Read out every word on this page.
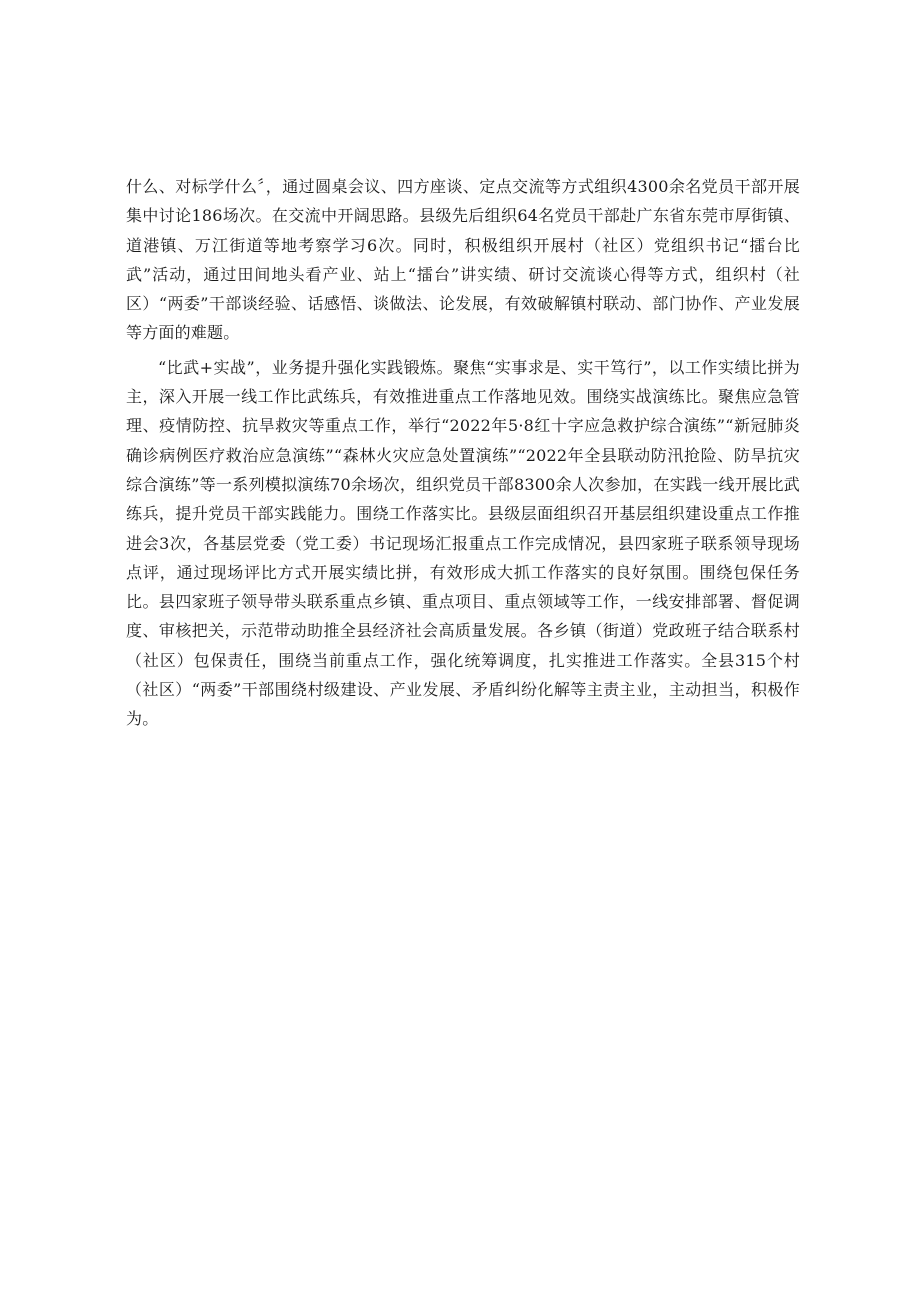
什么、对标学什么〞，通过圆桌会议、四方座谈、定点交流等方式组织4300余名党员干部开展集中讨论186场次。在交流中开阔思路。县级先后组织64名党员干部赴广东省东莞市厚街镇、道港镇、万江街道等地考察学习6次。同时，积极组织开展村（社区）党组织书记“擂台比武”活动，通过田间地头看产业、站上“擂台”讲实绩、研讨交流谈心得等方式，组织村（社区）“两委”干部谈经验、话感悟、谈做法、论发展，有效破解镇村联动、部门协作、产业发展等方面的难题。

“比武+实战”，业务提升强化实践锻炼。聚焦“实事求是、实干笃行”，以工作实绩比拼为主，深入开展一线工作比武练兵，有效推进重点工作落地见效。围绕实战演练比。聚焦应急管理、疫情防控、抗旱救灾等重点工作，举行“2022年5·8红十字应急救护综合演练”“新冠肺炎确诊病例医疗救治应急演练”“森林火灾应急处置演练”“2022年全县联动防汛抢险、防旱抗灾综合演练”等一系列模拟演练70余场次，组织党员干部8300余人次参加，在实践一线开展比武练兵，提升党员干部实践能力。围绕工作落实比。县级层面组织召开基层组织建设重点工作推进会3次，各基层党委（党工委）书记现场汇报重点工作完成情况，县四家班子联系领导现场点评，通过现场评比方式开展实绩比拼，有效形成大抓工作落实的良好氛围。围绕包保任务比。县四家班子领导带头联系重点乡镇、重点项目、重点领域等工作，一线安排部署、督促调度、审核把关，示范带动助推全县经济社会高质量发展。各乡镇（街道）党政班子结合联系村（社区）包保责任，围绕当前重点工作，强化统筹调度，扎实推进工作落实。全县315个村（社区）“两委”干部围绕村级建设、产业发展、矛盾纠纷化解等主责主业，主动担当，积极作为。
